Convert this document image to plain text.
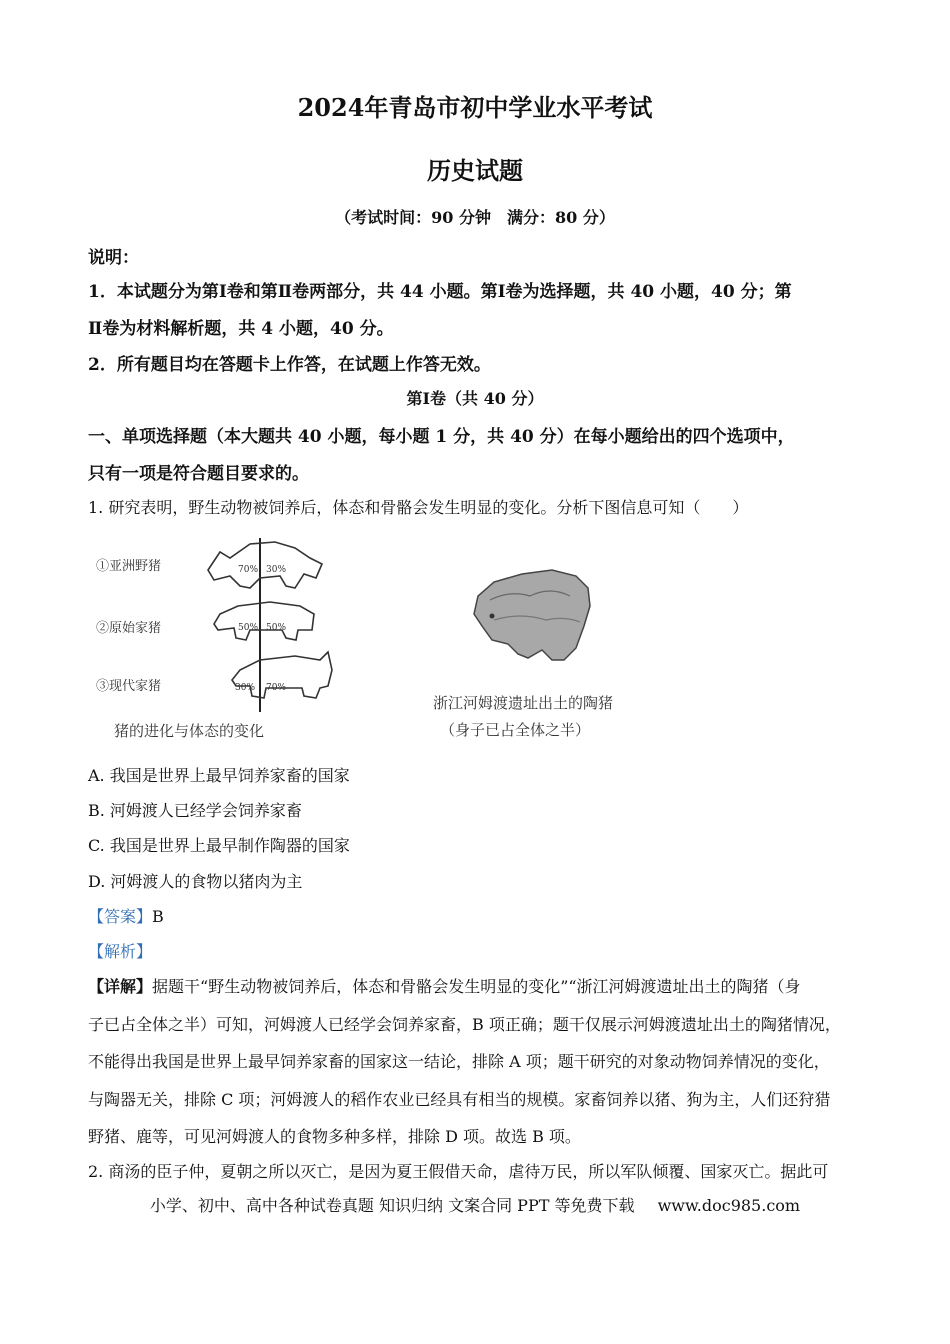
2024年青岛市初中学业水平考试
历史试题
（考试时间：90 分钟　满分：80 分）
说明：
1．本试题分为第Ⅰ卷和第Ⅱ卷两部分，共 44 小题。第Ⅰ卷为选择题，共 40 小题，40 分；第
Ⅱ卷为材料解析题，共 4 小题，40 分。
2．所有题目均在答题卡上作答，在试题上作答无效。
第Ⅰ卷（共 40 分）
一、单项选择题（本大题共 40 小题，每小题 1 分，共 40 分）在每小题给出的四个选项中，
只有一项是符合题目要求的。
1. 研究表明，野生动物被饲养后，体态和骨骼会发生明显的变化。分析下图信息可知（　　）
①亚洲野猪	70% 30%
②原始家猪	50% 50%
③现代家猪	30% 70%
猪的进化与体态的变化
浙江河姆渡遗址出土的陶猪
（身子已占全体之半）
A. 我国是世界上最早饲养家畜的国家
B. 河姆渡人已经学会饲养家畜
C. 我国是世界上最早制作陶器的国家
D. 河姆渡人的食物以猪肉为主
【答案】B
【解析】
【详解】据题干“野生动物被饲养后，体态和骨骼会发生明显的变化”“浙江河姆渡遗址出土的陶猪（身
子已占全体之半）可知，河姆渡人已经学会饲养家畜，B 项正确；题干仅展示河姆渡遗址出土的陶猪情况，
不能得出我国是世界上最早饲养家畜的国家这一结论，排除 A 项；题干研究的对象动物饲养情况的变化，
与陶器无关，排除 C 项；河姆渡人的稻作农业已经具有相当的规模。家畜饲养以猪、狗为主，人们还狩猎
野猪、鹿等，可见河姆渡人的食物多种多样，排除 D 项。故选 B 项。
2. 商汤的臣子仲，夏朝之所以灭亡，是因为夏王假借天命，虐待万民，所以军队倾覆、国家灭亡。据此可
小学、初中、高中各种试卷真题 知识归纳 文案合同 PPT 等免费下载 www.doc985.com
